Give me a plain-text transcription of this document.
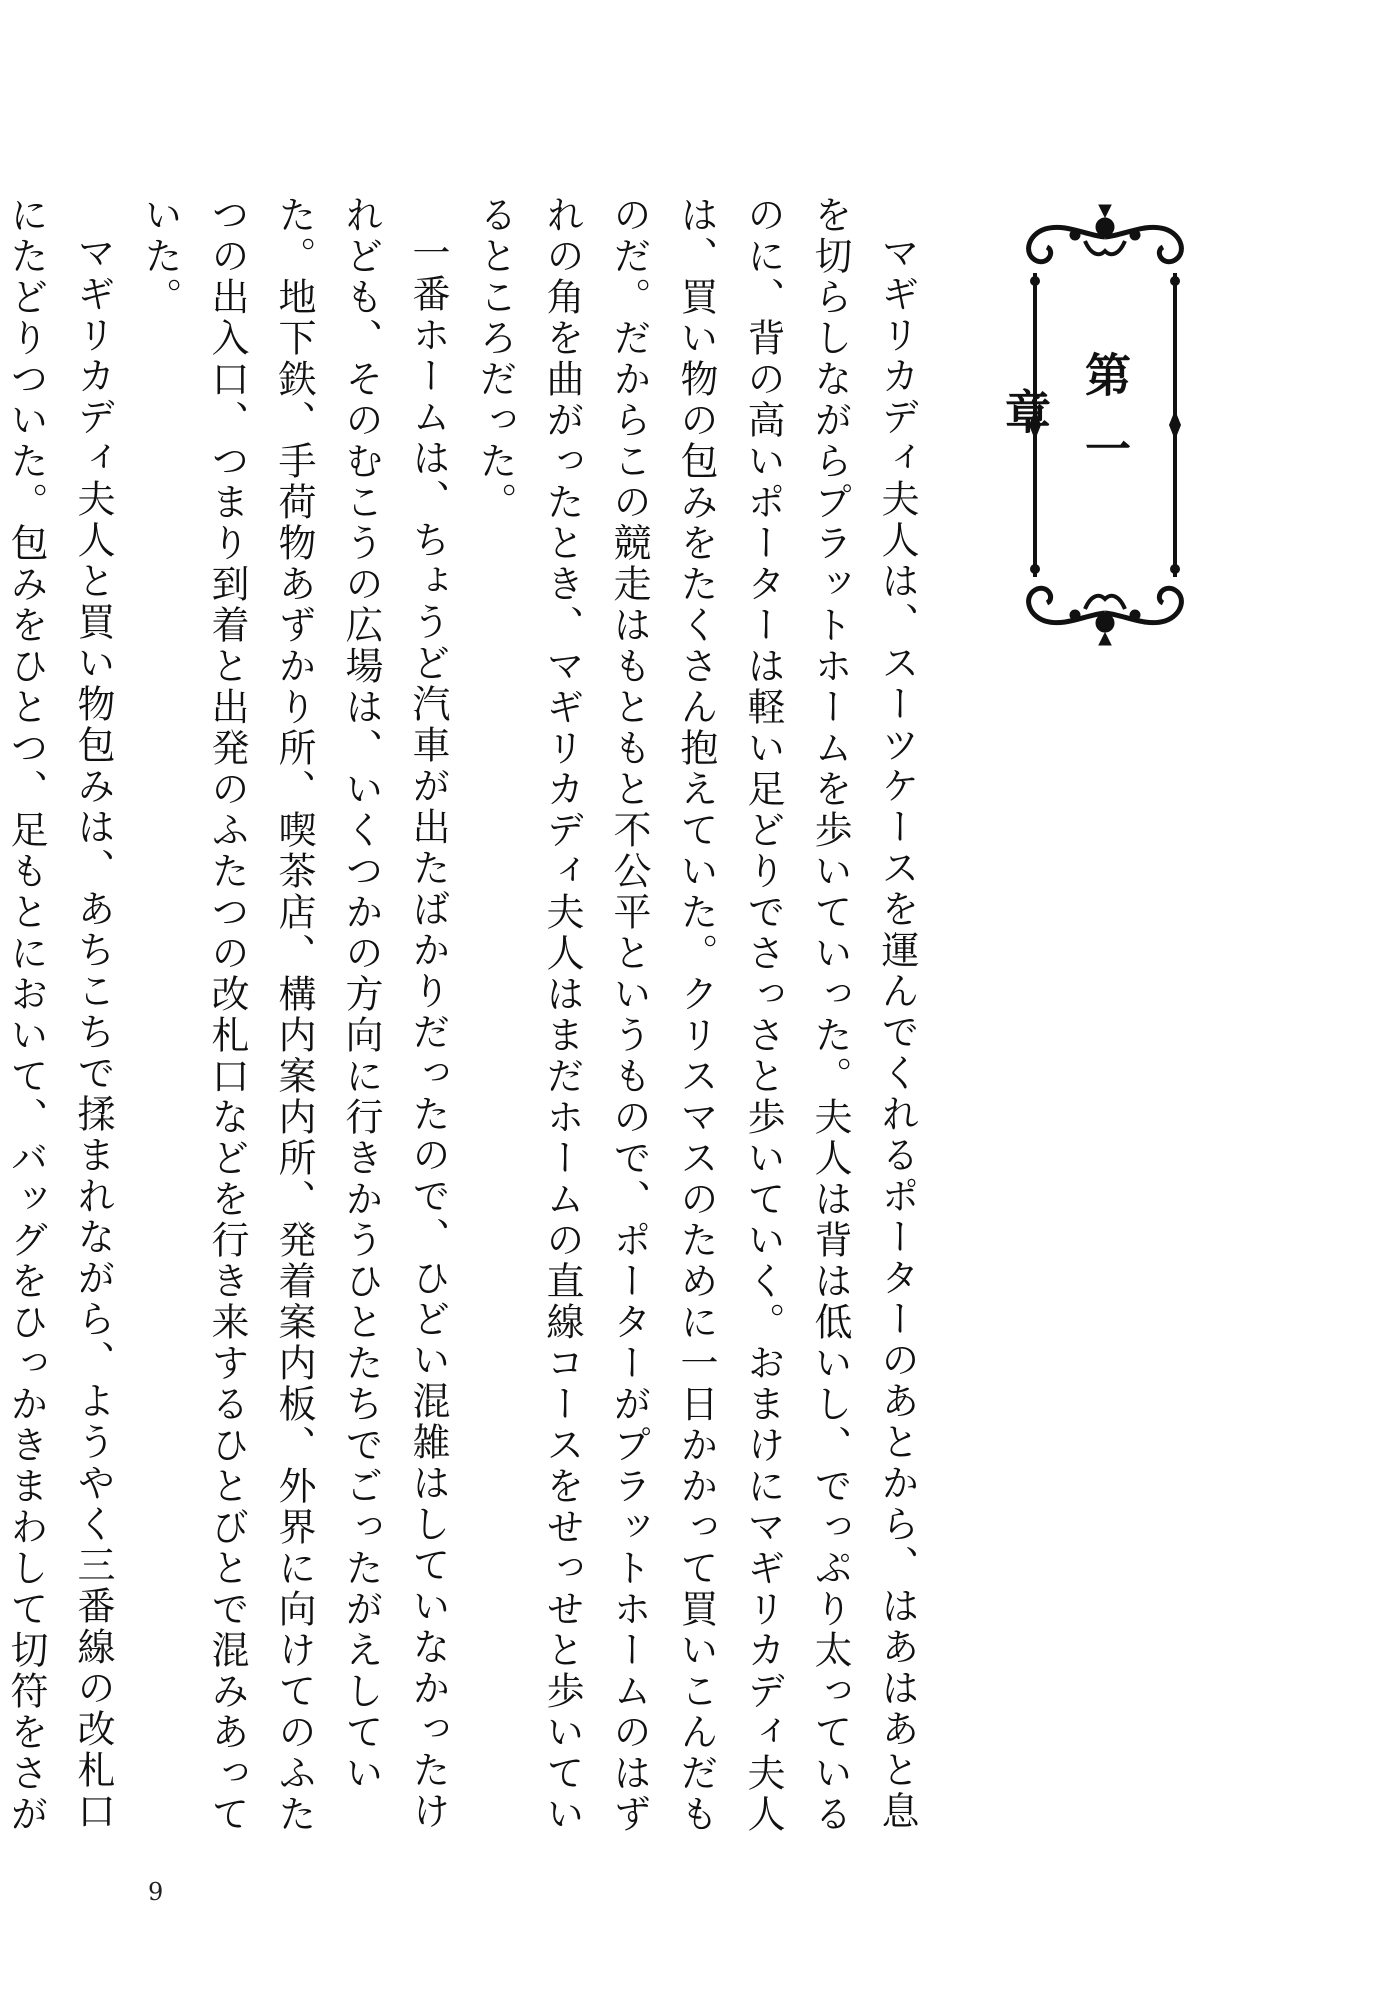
第一章

マギリカディ夫人は、スーツケースを運んでくれるポーターのあとから、はあはあと息を切らしながらプラットホームを歩いていった。夫人は背は低いし、でっぷり太っているのに、背の高いポーターは軽い足どりでさっさと歩いていく。おまけにマギリカディ夫人は、買い物の包みをたくさん抱えていた。クリスマスのために一日かかって買いこんだものだ。だからこの競走はもともと不公平というもので、ポーターがプラットホームのはずれの角を曲がったとき、マギリカディ夫人はまだホームの直線コースをせっせと歩いているところだった。

一番ホームは、ちょうど汽車が出たばかりだったので、ひどい混雑はしていなかったけれども、そのむこうの広場は、いくつかの方向に行きかうひとたちでごったがえしていた。地下鉄、手荷物あずかり所、喫茶店、構内案内所、発着案内板、外界に向けてのふたつの出入口、つまり到着と出発のふたつの改札口などを行き来するひとびとで混みあっていた。

マギリカディ夫人と買い物包みは、あちこちで揉まれながら、ようやく三番線の改札口にたどりついた。包みをひとつ、足もとにおいて、バッグをひっかきまわして切符をさが

9
